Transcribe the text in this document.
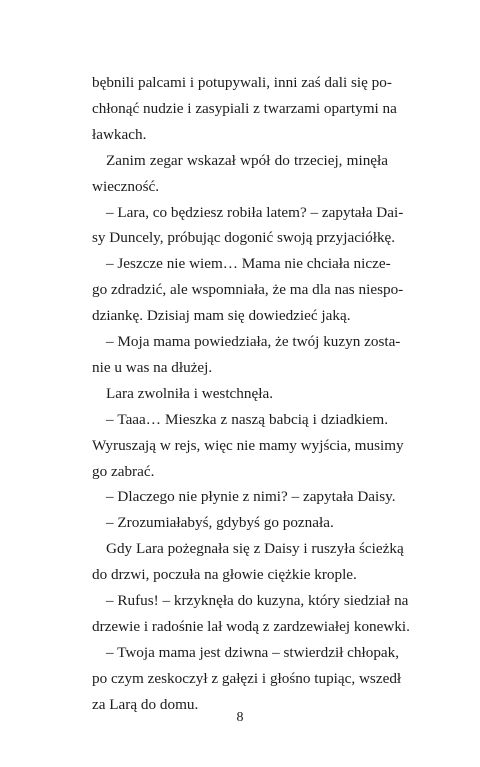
bębnili palcami i potupywali, inni zaś dali się po-
chłonąć nudzie i zasypiali z twarzami opartymi na
ławkach.
Zanim zegar wskazał wpół do trzeciej, minęła
wieczność.
– Lara, co będziesz robiła latem? – zapytała Dai-
sy Duncely, próbując dogonić swoją przyjaciółkę.
– Jeszcze nie wiem… Mama nie chciała nicze-
go zdradzić, ale wspomniała, że ma dla nas niespo-
dziankę. Dzisiaj mam się dowiedzieć jaką.
– Moja mama powiedziała, że twój kuzyn zosta-
nie u was na dłużej.
Lara zwolniła i westchnęła.
– Taaa… Mieszka z naszą babcią i dziadkiem.
Wyruszają w rejs, więc nie mamy wyjścia, musimy
go zabrać.
– Dlaczego nie płynie z nimi? – zapytała Daisy.
– Zrozumiałabyś, gdybyś go poznała.
Gdy Lara pożegnała się z Daisy i ruszyła ścieżką
do drzwi, poczuła na głowie ciężkie krople.
– Rufus! – krzyknęła do kuzyna, który siedział na
drzewie i radośnie lał wodą z zardzewiałej konewki.
– Twoja mama jest dziwna – stwierdził chłopak,
po czym zeskoczył z gałęzi i głośno tupiąc, wszedł
za Larą do domu.
8
